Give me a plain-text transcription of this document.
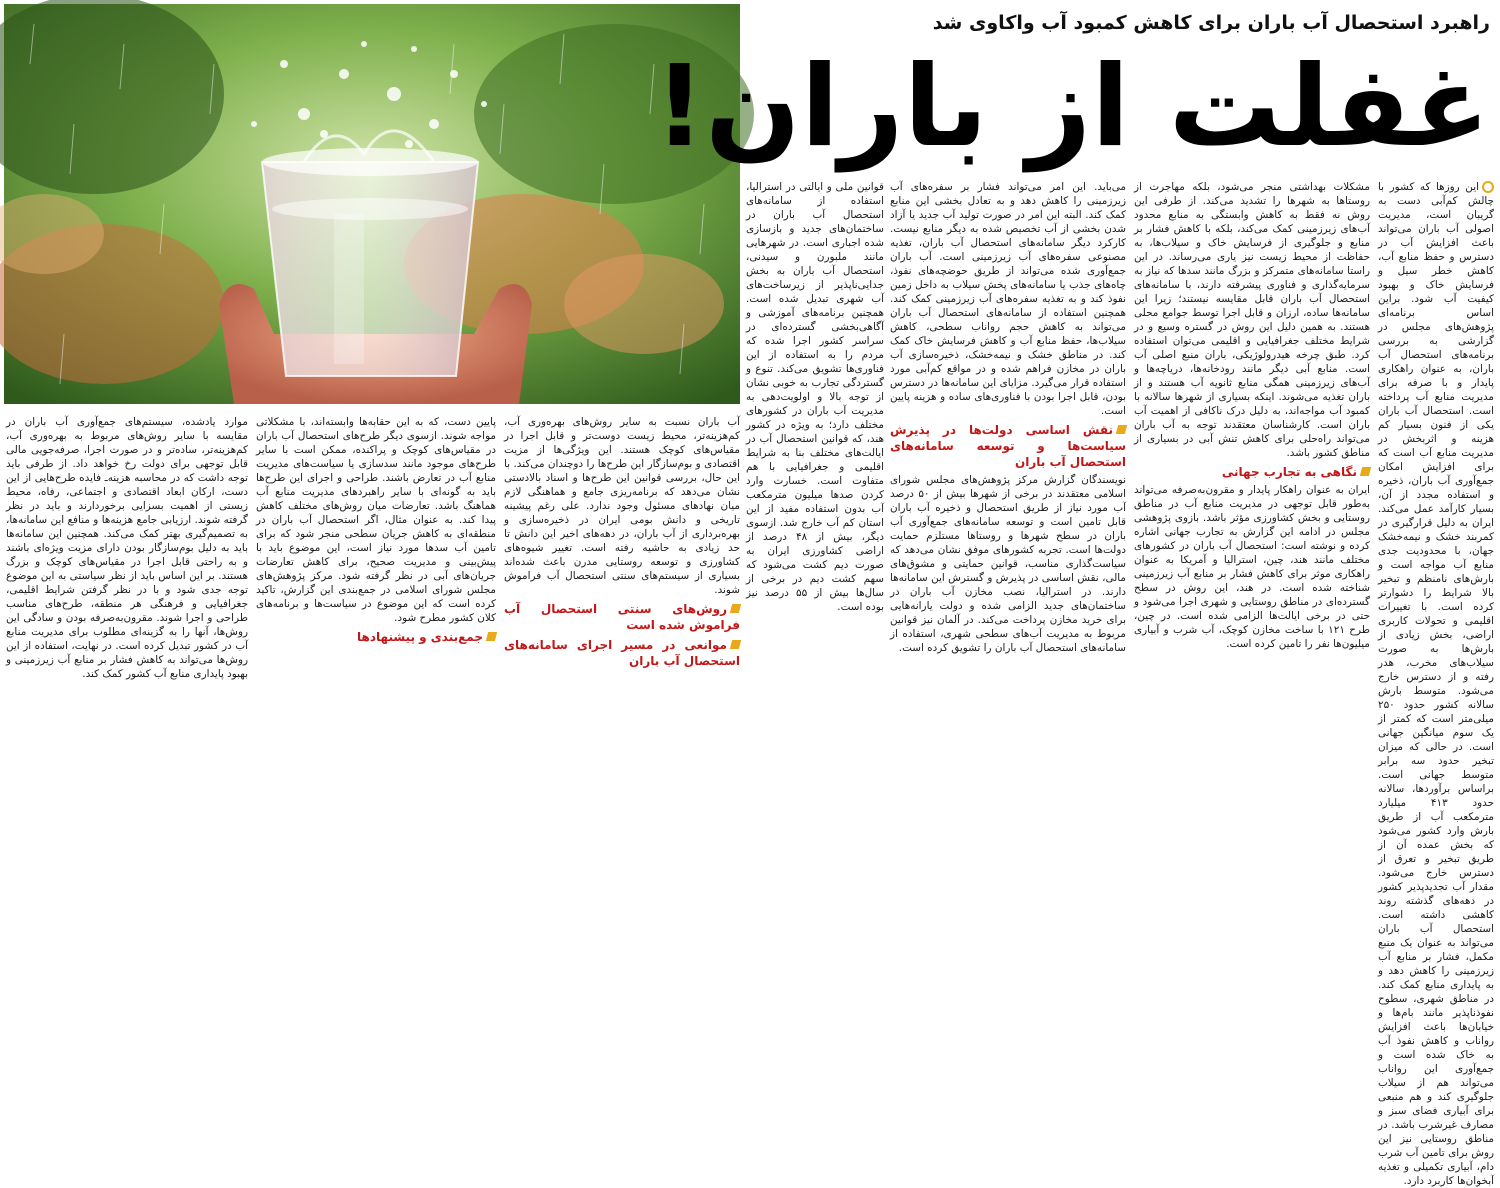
راهبرد استحصال آب باران برای کاهش کمبود آب واکاوی شد
غفلت از باران!

این روزها که کشور با چالش کم‌آبی دست به گریبان است، مدیریت اصولی آب باران می‌تواند باعث افزایش آب در دسترس و حفظ منابع آب، کاهش خطر سیل و فرسایش خاک و بهبود کیفیت آب شود. براین اساس برنامه‌ای پژوهش‌های مجلس در گزارشی به بررسی برنامه‌های استحصال آب باران، به عنوان راهکاری پایدار و با صرفه برای مدیریت منابع آب پرداخته است. استحصال آب باران یکی از فنون بسیار کم هزینه و اثربخش در مدیریت منابع آب است که برای افزایش امکان جمع‌آوری آب باران، ذخیره و استفاده مجدد از آن، بسیار کارآمد عمل می‌کند. ایران به دلیل قرارگیری در کمربند خشک و نیمه‌خشک جهان، با محدودیت جدی منابع آب مواجه است و بارش‌های نامنظم و تبخیر بالا شرایط را دشوارتر کرده است. با تغییرات اقلیمی و تحولات کاربری اراضی، بخش زیادی از بارش‌ها به صورت سیلاب‌های مخرب، هدر رفته و از دسترس خارج می‌شود. متوسط بارش سالانه کشور حدود ۲۵۰ میلی‌متر است که کمتر از یک سوم میانگین جهانی است. در حالی که میزان تبخیر حدود سه برابر متوسط جهانی است. براساس برآوردها، سالانه حدود ۴۱۳ میلیارد مترمکعب آب از طریق بارش وارد کشور می‌شود که بخش عمده آن از طریق تبخیر و تعرق از دسترس خارج می‌شود. مقدار آب تجدیدپذیر کشور در دهه‌های گذشته روند کاهشی داشته است. استحصال آب باران می‌تواند به عنوان یک منبع مکمل، فشار بر منابع آب زیرزمینی را کاهش دهد و به پایداری منابع کمک کند. در مناطق شهری، سطوح نفوذناپذیر مانند بام‌ها و خیابان‌ها باعث افزایش رواناب و کاهش نفوذ آب به خاک شده است و جمع‌آوری این رواناب می‌تواند هم از سیلاب جلوگیری کند و هم منبعی برای آبیاری فضای سبز و مصارف غیرشرب باشد. در مناطق روستایی نیز این روش برای تامین آب شرب دام، آبیاری تکمیلی و تغذیه آبخوان‌ها کاربرد دارد.

مشکلات بهداشتی منجر می‌شود، بلکه مهاجرت از روستاها به شهرها را تشدید می‌کند. از طرفی این روش نه فقط به کاهش وابستگی به منابع محدود آب‌های زیرزمینی کمک می‌کند، بلکه با کاهش فشار بر منابع و جلوگیری از فرسایش خاک و سیلاب‌ها، به حفاظت از محیط زیست نیز یاری می‌رساند. در این راستا سامانه‌های متمرکز و بزرگ مانند سدها که نیاز به سرمایه‌گذاری و فناوری پیشرفته دارند، با سامانه‌های استحصال آب باران قابل مقایسه نیستند؛ زیرا این سامانه‌ها ساده، ارزان و قابل اجرا توسط جوامع محلی هستند. به همین دلیل این روش در گستره وسیع و در شرایط مختلف جغرافیایی و اقلیمی می‌توان استفاده کرد. طبق چرخه هیدرولوژیکی، باران منبع اصلی آب است. منابع آبی دیگر مانند رودخانه‌ها، دریاچه‌ها و آب‌های زیرزمینی همگی منابع ثانویه آب هستند و از باران تغذیه می‌شوند. اینکه بسیاری از شهرها سالانه با کمبود آب مواجه‌اند، به دلیل درک ناکافی از اهمیت آب باران است. کارشناسان معتقدند توجه به آب باران می‌تواند راه‌حلی برای کاهش تنش آبی در بسیاری از مناطق کشور باشد.

نگاهی به تجارب جهانی

ایران به عنوان راهکار پایدار و مقرون‌به‌صرفه می‌تواند به‌طور قابل توجهی در مدیریت منابع آب در مناطق روستایی و بخش کشاورزی مؤثر باشد. بازوی پژوهشی مجلس در ادامه این گزارش به تجارب جهانی اشاره کرده و نوشته است: استحصال آب باران در کشورهای مختلف مانند هند، چین، استرالیا و آمریکا به عنوان راهکاری موثر برای کاهش فشار بر منابع آب زیرزمینی شناخته شده است. در هند، این روش در سطح گسترده‌ای در مناطق روستایی و شهری اجرا می‌شود و حتی در برخی ایالت‌ها الزامی شده است. در چین، طرح ۱۲۱ با ساخت مخازن کوچک، آب شرب و آبیاری میلیون‌ها نفر را تامین کرده است.

می‌باید. این امر می‌تواند فشار بر سفره‌های آب زیرزمینی را کاهش دهد و به تعادل بخشی این منابع کمک کند. البته این امر در صورت تولید آب جدید یا آزاد شدن بخشی از آب تخصیص شده به دیگر منابع نیست. کارکرد دیگر سامانه‌های استحصال آب باران، تغذیه مصنوعی سفره‌های آب زیرزمینی است. آب باران جمع‌آوری شده می‌تواند از طریق حوضچه‌های نفوذ، چاه‌های جذب یا سامانه‌های پخش سیلاب به داخل زمین نفوذ کند و به تغذیه سفره‌های آب زیرزمینی کمک کند. همچنین استفاده از سامانه‌های استحصال آب باران می‌تواند به کاهش حجم رواناب سطحی، کاهش سیلاب‌ها، حفظ منابع آب و کاهش فرسایش خاک کمک کند. در مناطق خشک و نیمه‌خشک، ذخیره‌سازی آب باران در مخازن فراهم شده و در مواقع کم‌آبی مورد استفاده قرار می‌گیرد. مزایای این سامانه‌ها در دسترس بودن، قابل اجرا بودن با فناوری‌های ساده و هزینه پایین است.

نقش اساسی دولت‌ها در پذیرش سیاست‌ها و توسعه سامانه‌های استحصال آب باران

نویسندگان گزارش مرکز پژوهش‌های مجلس شورای اسلامی معتقدند در برخی از شهرها بیش از ۵۰ درصد آب مورد نیاز از طریق استحصال و ذخیره آب باران قابل تامین است و توسعه سامانه‌های جمع‌آوری آب باران در سطح شهرها و روستاها مستلزم حمایت دولت‌ها است. تجربه کشورهای موفق نشان می‌دهد که سیاست‌گذاری مناسب، قوانین حمایتی و مشوق‌های مالی، نقش اساسی در پذیرش و گسترش این سامانه‌ها دارند. در استرالیا، نصب مخازن آب باران در ساختمان‌های جدید الزامی شده و دولت یارانه‌هایی برای خرید مخازن پرداخت می‌کند. در آلمان نیز قوانین مربوط به مدیریت آب‌های سطحی شهری، استفاده از سامانه‌های استحصال آب باران را تشویق کرده است.

قوانین ملی و ایالتی در استرالیا، استفاده از سامانه‌های استحصال آب باران در ساختمان‌های جدید و بازسازی شده اجباری است. در شهرهایی مانند ملبورن و سیدنی، استحصال آب باران به بخش جدایی‌ناپذیر از زیرساخت‌های آب شهری تبدیل شده است. همچنین برنامه‌های آموزشی و آگاهی‌بخشی گسترده‌ای در سراسر کشور اجرا شده که مردم را به استفاده از این فناوری‌ها تشویق می‌کند. تنوع و گستردگی تجارب به خوبی نشان از توجه بالا و اولویت‌دهی به مدیریت آب باران در کشورهای مختلف دارد؛ به ویژه در کشور هند، که قوانین استحصال آب در ایالت‌های مختلف بنا به شرایط اقلیمی و جغرافیایی با هم متفاوت است. خسارت وارد کردن صدها میلیون مترمکعب آب بدون استفاده مفید از این استان کم آب خارج شد. ازسوی دیگر، بیش از ۴۸ درصد از اراضی کشاورزی ایران به صورت دیم کشت می‌شود که سهم کشت دیم در برخی از سال‌ها بیش از ۵۵ درصد نیز بوده است.

آب باران نسبت به سایر روش‌های بهره‌وری آب، کم‌هزینه‌تر، محیط زیست دوست‌تر و قابل اجرا در مقیاس‌های کوچک هستند. این ویژگی‌ها از مزیت اقتصادی و بوم‌سازگار این طرح‌ها را دوچندان می‌کند. با این حال، بررسی قوانین این طرح‌ها و اسناد بالادستی نشان می‌دهد که برنامه‌ریزی جامع و هماهنگی لازم میان نهادهای مسئول وجود ندارد. علی رغم پیشینه تاریخی و دانش بومی ایران در ذخیره‌سازی و بهره‌برداری از آب باران، در دهه‌های اخیر این دانش تا حد زیادی به حاشیه رفته است. تغییر شیوه‌های کشاورزی و توسعه روستایی مدرن باعث شده‌اند بسیاری از سیستم‌های سنتی استحصال آب فراموش شوند.

روش‌های سنتی استحصال آب فراموش شده است
موانعی در مسیر اجرای سامانه‌های استحصال آب باران

پایین دست، که به این حقابه‌ها وابسته‌اند، با مشکلاتی مواجه شوند. ازسوی دیگر طرح‌های استحصال آب باران در مقیاس‌های کوچک و پراکنده، ممکن است با سایر طرح‌های موجود مانند سدسازی یا سیاست‌های مدیریت منابع آب در تعارض باشند. طراحی و اجرای این طرح‌ها باید به گونه‌ای با سایر راهبردهای مدیریت منابع آب هماهنگ باشد. تعارضات میان روش‌های مختلف کاهش پیدا کند. به عنوان مثال، اگر استحصال آب باران در منطقه‌ای به کاهش جریان سطحی منجر شود که برای تامین آب سدها مورد نیاز است، این موضوع باید با پیش‌بینی و مدیریت صحیح، برای کاهش تعارضات جریان‌های آبی در نظر گرفته شود. مرکز پژوهش‌های مجلس شورای اسلامی در جمع‌بندی این گزارش، تاکید کرده است که این موضوع در سیاست‌ها و برنامه‌های کلان کشور مطرح شود.

جمع‌بندی و پیشنهادها

موارد یادشده، سیستم‌های جمع‌آوری آب باران در مقایسه با سایر روش‌های مربوط به بهره‌وری آب، کم‌هزینه‌تر، ساده‌تر و در صورت اجرا، صرفه‌جویی مالی قابل توجهی برای دولت رخ خواهد داد. از طرفی باید توجه داشت که در محاسبه هزینه‌ـ فایده طرح‌هایی از این دست، ارکان ابعاد اقتصادی و اجتماعی، رفاه، محیط زیستی از اهمیت بسزایی برخوردارند و باید در نظر گرفته شوند. ارزیابی جامع هزینه‌ها و منافع این سامانه‌ها، به تصمیم‌گیری بهتر کمک می‌کند. همچنین این سامانه‌ها باید به دلیل بوم‌سازگار بودن دارای مزیت ویژه‌ای باشند و به راحتی قابل اجرا در مقیاس‌های کوچک و بزرگ هستند. بر این اساس باید از نظر سیاستی به این موضوع توجه جدی شود و با در نظر گرفتن شرایط اقلیمی، جغرافیایی و فرهنگی هر منطقه، طرح‌های مناسب طراحی و اجرا شوند. مقرون‌به‌صرفه بودن و سادگی این روش‌ها، آنها را به گزینه‌ای مطلوب برای مدیریت منابع آب در کشور تبدیل کرده است. در نهایت، استفاده از این روش‌ها می‌تواند به کاهش فشار بر منابع آب زیرزمینی و بهبود پایداری منابع آب کشور کمک کند.
